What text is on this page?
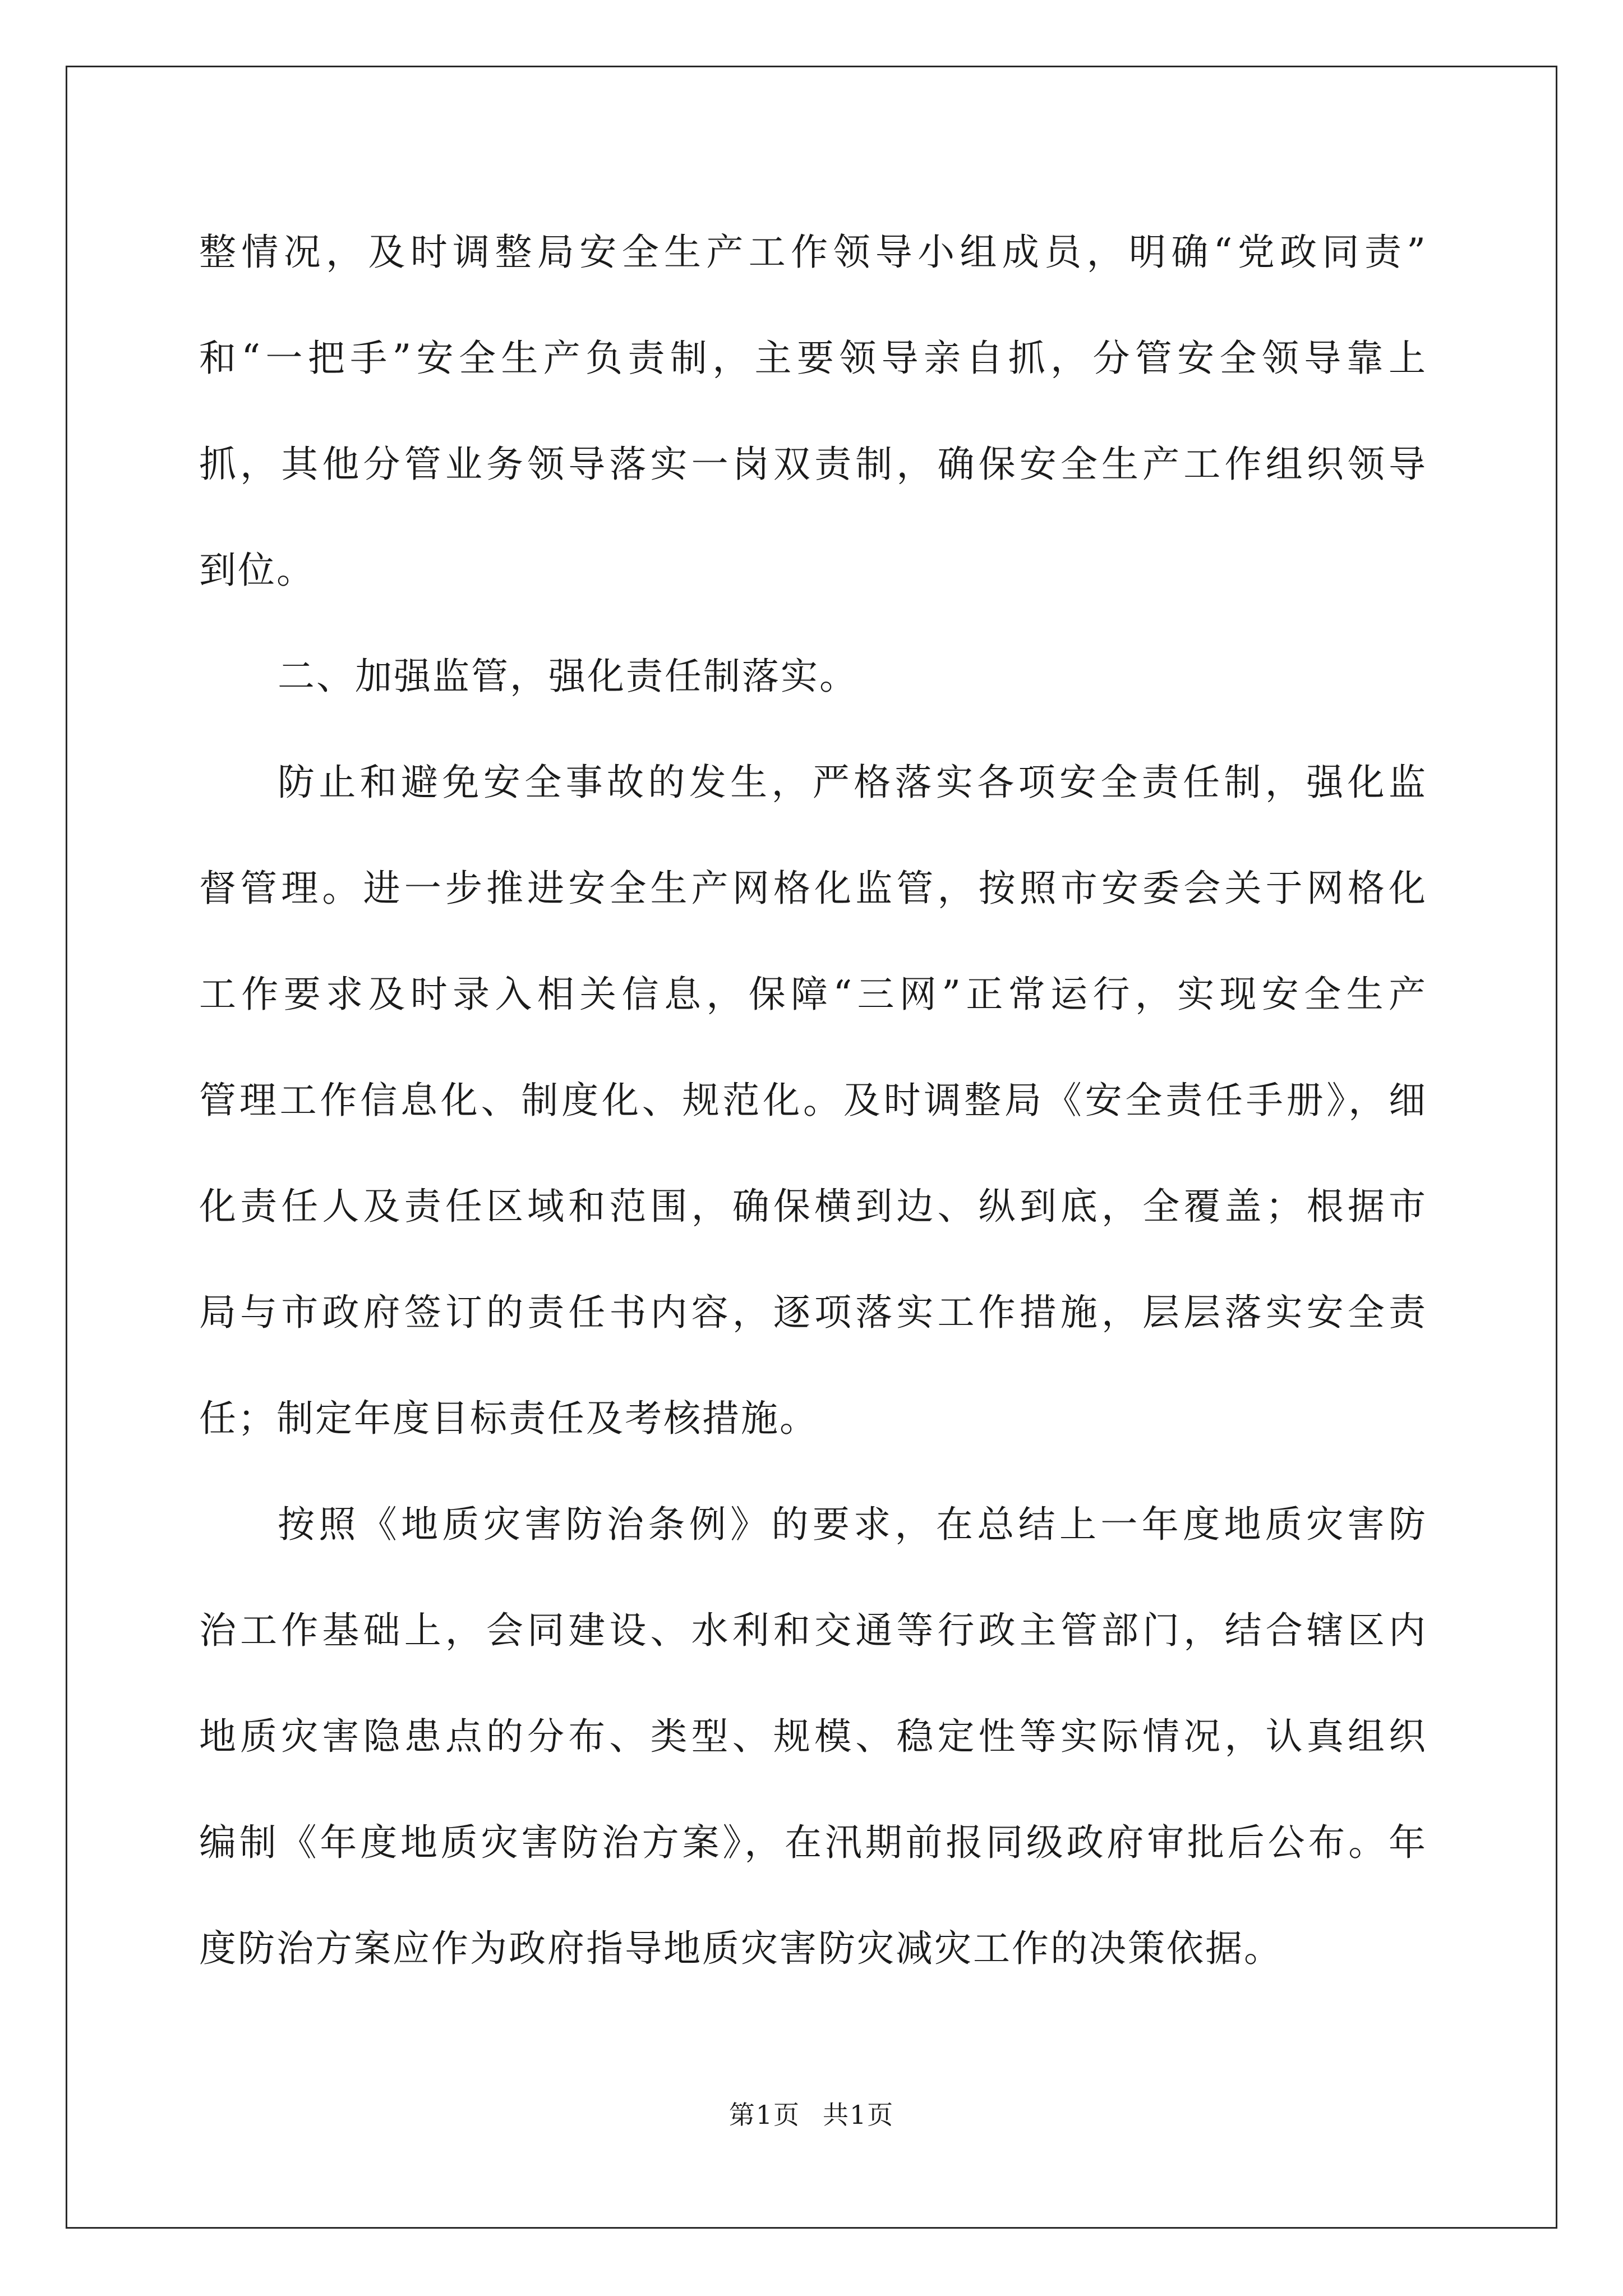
整情况，及时调整局安全生产工作领导小组成员，明确“党政同责”
和“一把手”安全生产负责制，主要领导亲自抓，分管安全领导靠上
抓，其他分管业务领导落实一岗双责制，确保安全生产工作组织领导
到位。

二、加强监管，强化责任制落实。

防止和避免安全事故的发生，严格落实各项安全责任制，强化监
督管理。进一步推进安全生产网格化监管，按照市安委会关于网格化
工作要求及时录入相关信息，保障“三网”正常运行，实现安全生产
管理工作信息化、制度化、规范化。及时调整局《安全责任手册》，细
化责任人及责任区域和范围，确保横到边、纵到底，全覆盖；根据市
局与市政府签订的责任书内容，逐项落实工作措施，层层落实安全责
任；制定年度目标责任及考核措施。

按照《地质灾害防治条例》的要求，在总结上一年度地质灾害防
治工作基础上，会同建设、水利和交通等行政主管部门，结合辖区内
地质灾害隐患点的分布、类型、规模、稳定性等实际情况，认真组织
编制《年度地质灾害防治方案》，在汛期前报同级政府审批后公布。年
度防治方案应作为政府指导地质灾害防灾减灾工作的决策依据。

第1页 共1页
